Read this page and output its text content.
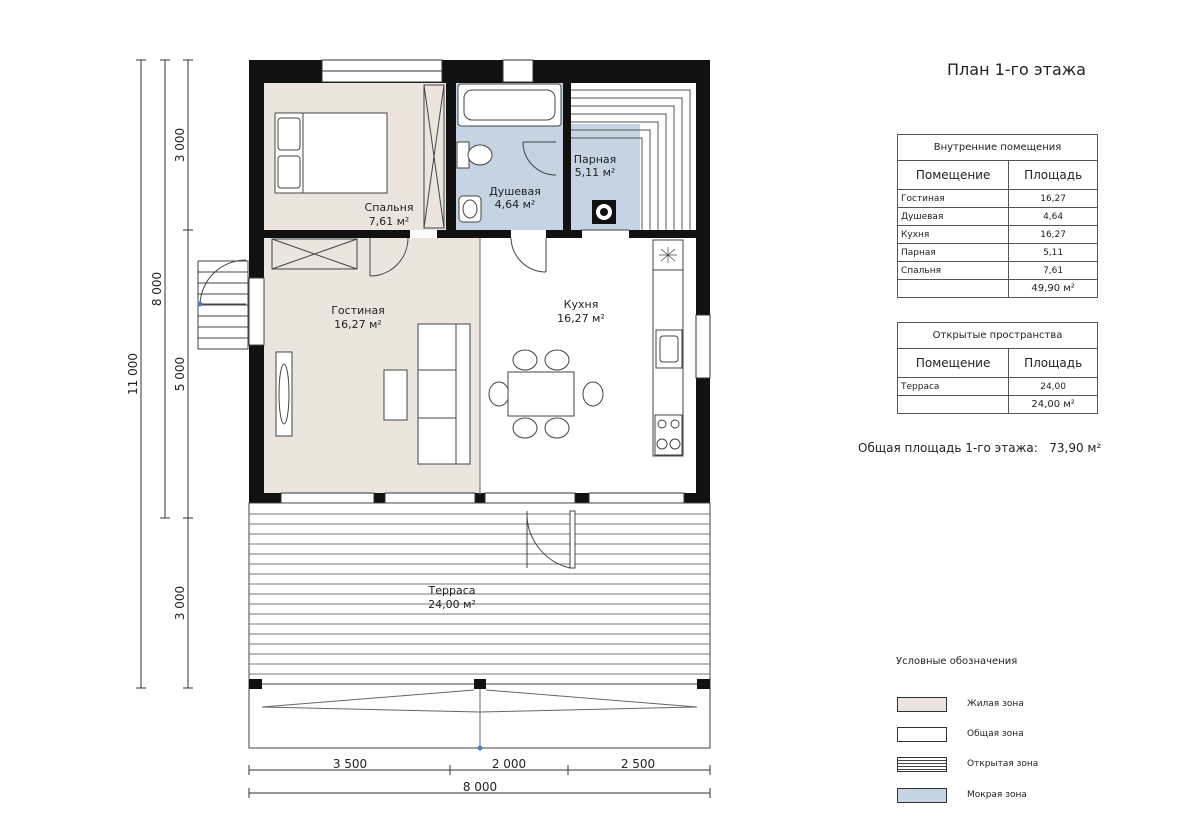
Спальня
7,61 м²
Душевая
4,64 м²
Парная
5,11 м²
Гостиная
16,27 м²
Кухня
16,27 м²
Терраса
24,00 м²
11 000
8 000
3 000
5 000
3 000
3 500	2 000	2 500
8 000
План 1-го этажа
Внутренние помещения	
Помещение	Площадь
Гостиная	16,27
Душевая	4,64
Кухня	16,27
Парная	5,11
Спальня	7,61
	49,90 м²
Открытые пространства	
Помещение	Площадь
Терраса	24,00
	24,00 м²
Общая площадь 1-го этажа: 73,90 м²
Условные обозначения
Жилая зона
Общая зона
Открытая зона
Мокрая зона
